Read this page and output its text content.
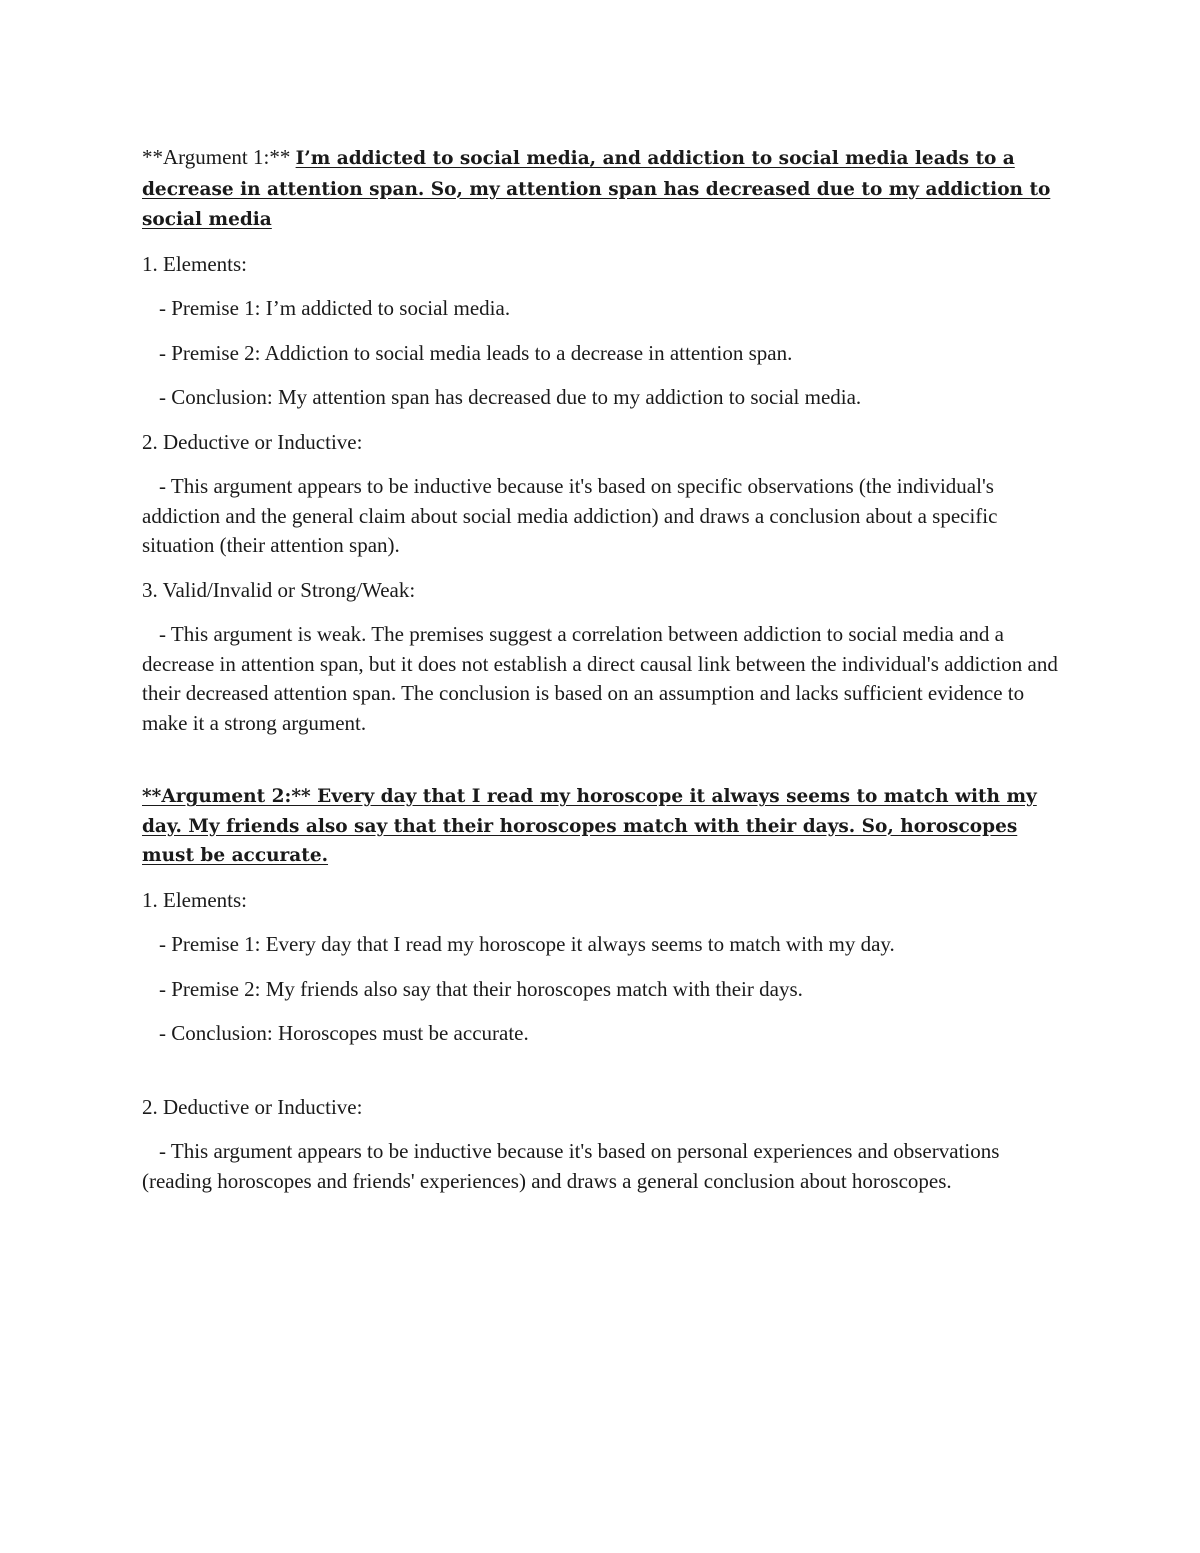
**Argument 1:** I’m addicted to social media, and addiction to social media leads to a decrease in attention span. So, my attention span has decreased due to my addiction to social media

1. Elements:

- Premise 1: I’m addicted to social media.

- Premise 2: Addiction to social media leads to a decrease in attention span.

- Conclusion: My attention span has decreased due to my addiction to social media.

2. Deductive or Inductive:

- This argument appears to be inductive because it's based on specific observations (the individual's addiction and the general claim about social media addiction) and draws a conclusion about a specific situation (their attention span).

3. Valid/Invalid or Strong/Weak:

- This argument is weak. The premises suggest a correlation between addiction to social media and a decrease in attention span, but it does not establish a direct causal link between the individual's addiction and their decreased attention span. The conclusion is based on an assumption and lacks sufficient evidence to make it a strong argument.

**Argument 2:** Every day that I read my horoscope it always seems to match with my day. My friends also say that their horoscopes match with their days. So, horoscopes must be accurate.

1. Elements:

- Premise 1: Every day that I read my horoscope it always seems to match with my day.

- Premise 2: My friends also say that their horoscopes match with their days.

- Conclusion: Horoscopes must be accurate.

2. Deductive or Inductive:

- This argument appears to be inductive because it's based on personal experiences and observations (reading horoscopes and friends' experiences) and draws a general conclusion about horoscopes.
